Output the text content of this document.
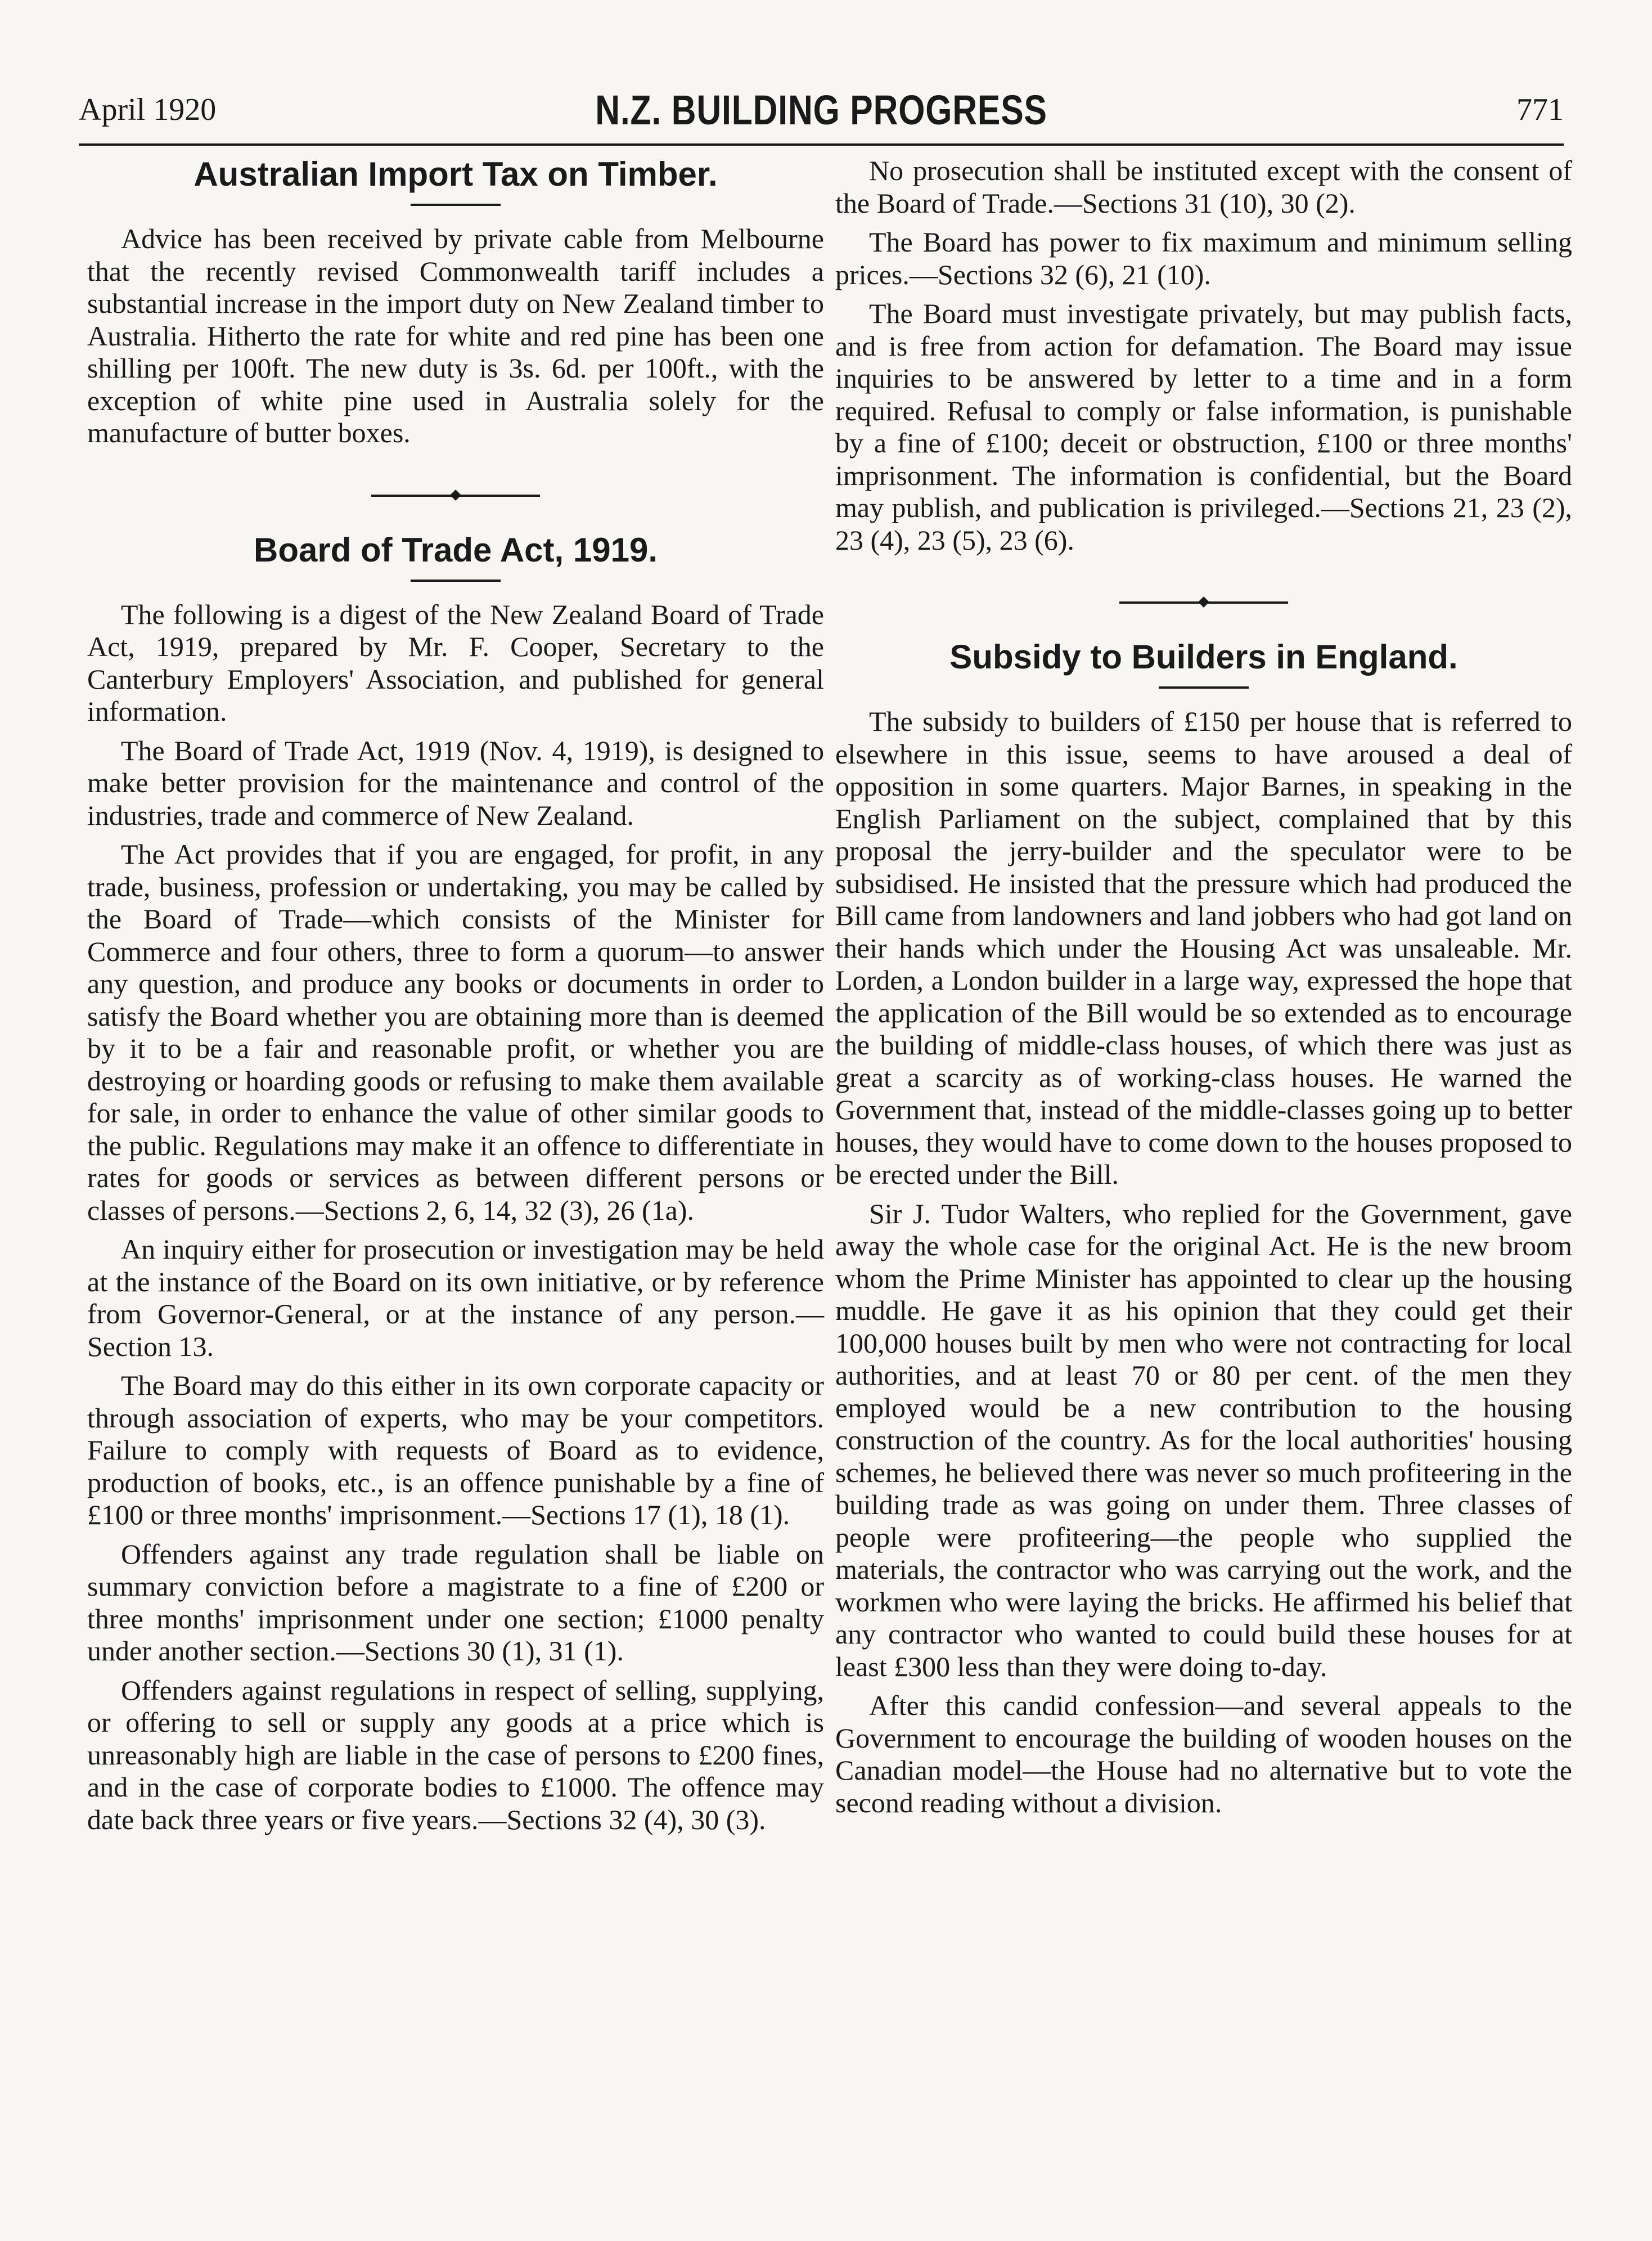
April 1920	N.Z. BUILDING PROGRESS	771
Australian Import Tax on Timber.

Advice has been received by private cable from Melbourne that the recently revised Commonwealth tariff includes a substantial increase in the import duty on New Zealand timber to Australia. Hitherto the rate for white and red pine has been one shilling per 100ft. The new duty is 3s. 6d. per 100ft., with the exception of white pine used in Australia solely for the manufacture of butter boxes.

Board of Trade Act, 1919.

The following is a digest of the New Zealand Board of Trade Act, 1919, prepared by Mr. F. Cooper, Secretary to the Canterbury Employers' Association, and published for general information.

The Board of Trade Act, 1919 (Nov. 4, 1919), is designed to make better provision for the maintenance and control of the industries, trade and commerce of New Zealand.

The Act provides that if you are engaged, for profit, in any trade, business, profession or undertaking, you may be called by the Board of Trade—which consists of the Minister for Commerce and four others, three to form a quorum—to answer any question, and produce any books or documents in order to satisfy the Board whether you are obtaining more than is deemed by it to be a fair and reasonable profit, or whether you are destroying or hoarding goods or refusing to make them available for sale, in order to enhance the value of other similar goods to the public. Regulations may make it an offence to differentiate in rates for goods or services as between different persons or classes of persons.—Sections 2, 6, 14, 32 (3), 26 (1a).

An inquiry either for prosecution or investigation may be held at the instance of the Board on its own initiative, or by reference from Governor-General, or at the instance of any person.—Section 13.

The Board may do this either in its own corporate capacity or through association of experts, who may be your competitors. Failure to comply with requests of Board as to evidence, production of books, etc., is an offence punishable by a fine of £100 or three months' imprisonment.—Sections 17 (1), 18 (1).

Offenders against any trade regulation shall be liable on summary conviction before a magistrate to a fine of £200 or three months' imprisonment under one section; £1000 penalty under another section.—Sections 30 (1), 31 (1).

Offenders against regulations in respect of selling, supplying, or offering to sell or supply any goods at a price which is unreasonably high are liable in the case of persons to £200 fines, and in the case of corporate bodies to £1000. The offence may date back three years or five years.—Sections 32 (4), 30 (3).

No prosecution shall be instituted except with the consent of the Board of Trade.—Sections 31 (10), 30 (2).

The Board has power to fix maximum and minimum selling prices.—Sections 32 (6), 21 (10).

The Board must investigate privately, but may publish facts, and is free from action for defamation. The Board may issue inquiries to be answered by letter to a time and in a form required. Refusal to comply or false information, is punishable by a fine of £100; deceit or obstruction, £100 or three months' imprisonment. The information is confidential, but the Board may publish, and publication is privileged.—Sections 21, 23 (2), 23 (4), 23 (5), 23 (6).

Subsidy to Builders in England.

The subsidy to builders of £150 per house that is referred to elsewhere in this issue, seems to have aroused a deal of opposition in some quarters. Major Barnes, in speaking in the English Parliament on the subject, complained that by this proposal the jerry-builder and the speculator were to be subsidised. He insisted that the pressure which had produced the Bill came from landowners and land jobbers who had got land on their hands which under the Housing Act was unsaleable. Mr. Lorden, a London builder in a large way, expressed the hope that the application of the Bill would be so extended as to encourage the building of middle-class houses, of which there was just as great a scarcity as of working-class houses. He warned the Government that, instead of the middle-classes going up to better houses, they would have to come down to the houses proposed to be erected under the Bill.

Sir J. Tudor Walters, who replied for the Government, gave away the whole case for the original Act. He is the new broom whom the Prime Minister has appointed to clear up the housing muddle. He gave it as his opinion that they could get their 100,000 houses built by men who were not contracting for local authorities, and at least 70 or 80 per cent. of the men they employed would be a new contribution to the housing construction of the country. As for the local authorities' housing schemes, he believed there was never so much profiteering in the building trade as was going on under them. Three classes of people were profiteering—the people who supplied the materials, the contractor who was carrying out the work, and the workmen who were laying the bricks. He affirmed his belief that any contractor who wanted to could build these houses for at least £300 less than they were doing to-day.

After this candid confession—and several appeals to the Government to encourage the building of wooden houses on the Canadian model—the House had no alternative but to vote the second reading without a division.
